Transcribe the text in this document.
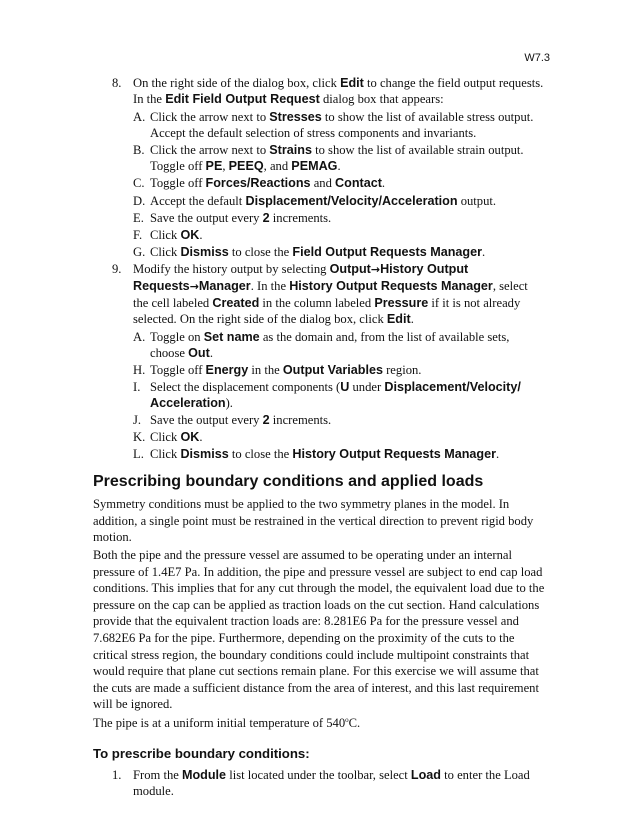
W7.3
8. On the right side of the dialog box, click Edit to change the field output requests.
In the Edit Field Output Request dialog box that appears:
A. Click the arrow next to Stresses to show the list of available stress output.
Accept the default selection of stress components and invariants.
B. Click the arrow next to Strains to show the list of available strain output.
Toggle off PE, PEEQ, and PEMAG.
C. Toggle off Forces/Reactions and Contact.
D. Accept the default Displacement/Velocity/Acceleration output.
E. Save the output every 2 increments.
F. Click OK.
G. Click Dismiss to close the Field Output Requests Manager.
9. Modify the history output by selecting Output→History Output
Requests→Manager. In the History Output Requests Manager, select
the cell labeled Created in the column labeled Pressure if it is not already
selected. On the right side of the dialog box, click Edit.
A. Toggle on Set name as the domain and, from the list of available sets,
choose Out.
H. Toggle off Energy in the Output Variables region.
I. Select the displacement components (U under Displacement/Velocity/
Acceleration).
J. Save the output every 2 increments.
K. Click OK.
L. Click Dismiss to close the History Output Requests Manager.
Prescribing boundary conditions and applied loads
Symmetry conditions must be applied to the two symmetry planes in the model. In
addition, a single point must be restrained in the vertical direction to prevent rigid body
motion.
Both the pipe and the pressure vessel are assumed to be operating under an internal
pressure of 1.4E7 Pa. In addition, the pipe and pressure vessel are subject to end cap load
conditions. This implies that for any cut through the model, the equivalent load due to the
pressure on the cap can be applied as traction loads on the cut section. Hand calculations
provide that the equivalent traction loads are: 8.281E6 Pa for the pressure vessel and
7.682E6 Pa for the pipe. Furthermore, depending on the proximity of the cuts to the
critical stress region, the boundary conditions could include multipoint constraints that
would require that plane cut sections remain plane. For this exercise we will assume that
the cuts are made a sufficient distance from the area of interest, and this last requirement
will be ignored.
The pipe is at a uniform initial temperature of 540$^o$C.
To prescribe boundary conditions:
1. From the Module list located under the toolbar, select Load to enter the Load
module.
